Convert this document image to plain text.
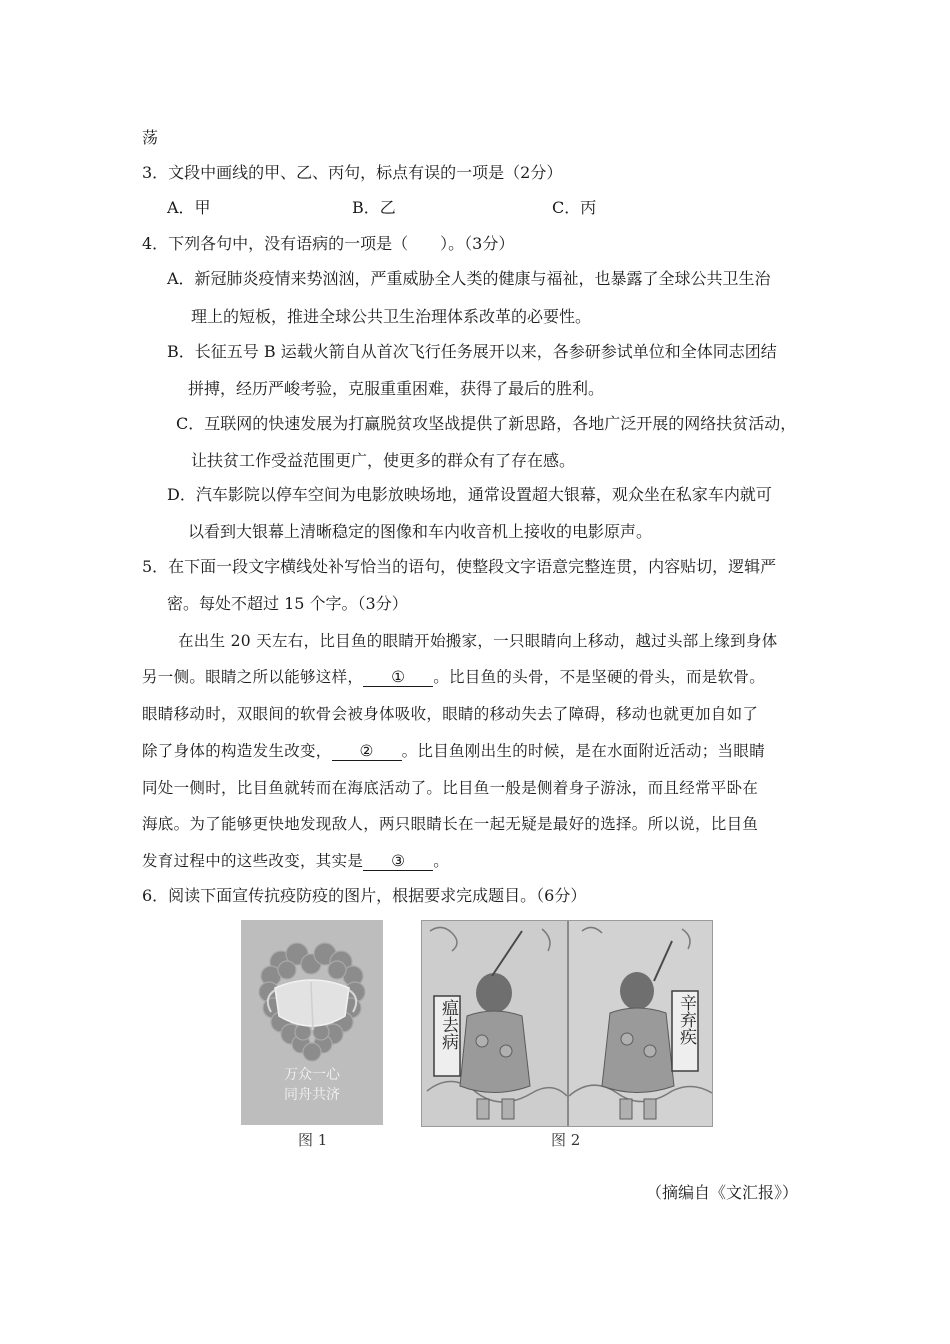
荡
3．文段中画线的甲、乙、丙句，标点有误的一项是（2分）
A．甲	B．乙	C．丙
4．下列各句中，没有语病的一项是（　　）。（3分）
A．新冠肺炎疫情来势汹汹，严重威胁全人类的健康与福祉，也暴露了全球公共卫生治
理上的短板，推进全球公共卫生治理体系改革的必要性。
B．长征五号 B 运载火箭自从首次飞行任务展开以来，各参研参试单位和全体同志团结
拼搏，经历严峻考验，克服重重困难，获得了最后的胜利。
C．互联网的快速发展为打赢脱贫攻坚战提供了新思路，各地广泛开展的网络扶贫活动，
让扶贫工作受益范围更广，使更多的群众有了存在感。
D．汽车影院以停车空间为电影放映场地，通常设置超大银幕，观众坐在私家车内就可
以看到大银幕上清晰稳定的图像和车内收音机上接收的电影原声。
5．在下面一段文字横线处补写恰当的语句，使整段文字语意完整连贯，内容贴切，逻辑严
密。每处不超过 15 个字。（3分）
在出生 20 天左右，比目鱼的眼睛开始搬家，一只眼睛向上移动，越过头部上缘到身体
另一侧。眼睛之所以能够这样， ① 。比目鱼的头骨，不是坚硬的骨头，而是软骨。
眼睛移动时，双眼间的软骨会被身体吸收，眼睛的移动失去了障碍，移动也就更加自如了
除了身体的构造发生改变， ② 。比目鱼刚出生的时候，是在水面附近活动；当眼睛
同处一侧时，比目鱼就转而在海底活动了。比目鱼一般是侧着身子游泳，而且经常平卧在
海底。为了能够更快地发现敌人，两只眼睛长在一起无疑是最好的选择。所以说，比目鱼
发育过程中的这些改变，其实是 ③ 。
6．阅读下面宣传抗疫防疫的图片，根据要求完成题目。（6分）
万众一心
同舟共济
图 1
瘟去病	辛弃疾
图 2
（摘编自《文汇报》）
